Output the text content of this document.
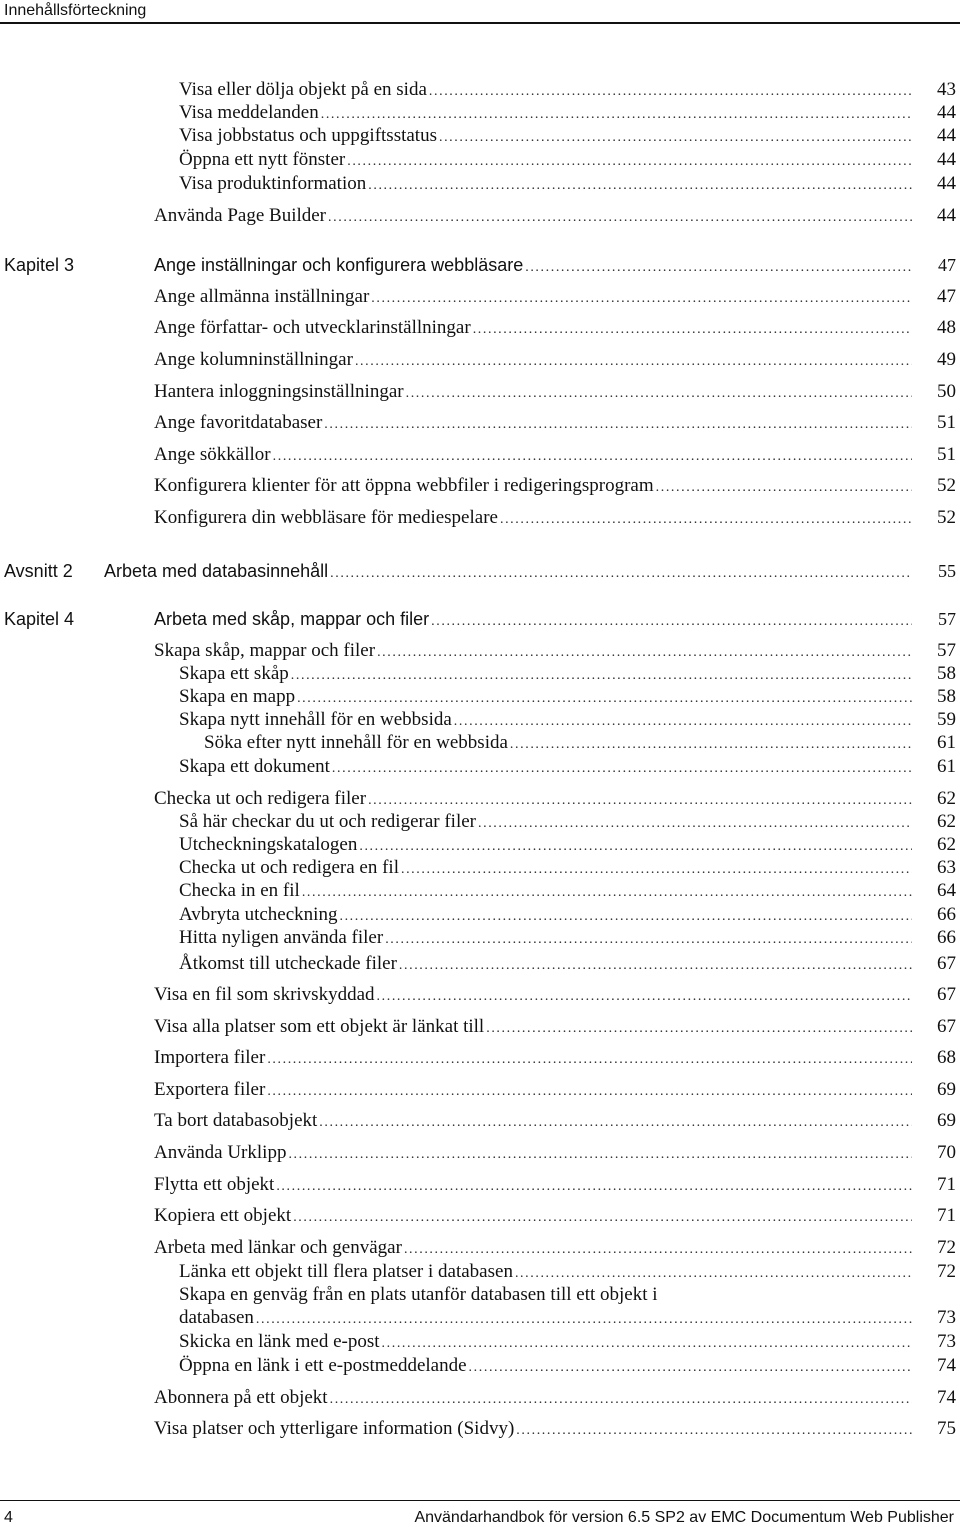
Innehållsförteckning
Visa eller dölja objekt på en sida .....	43
Visa meddelanden .....	44
Visa jobbstatus och uppgiftsstatus .....	44
Öppna ett nytt fönster .....	44
Visa produktinformation .....	44
Använda Page Builder .....	44
Kapitel 3	Ange inställningar och konfigurera webbläsare .....	47
Ange allmänna inställningar .....	47
Ange författar- och utvecklarinställningar .....	48
Ange kolumninställningar .....	49
Hantera inloggningsinställningar .....	50
Ange favoritdatabaser .....	51
Ange sökkällor .....	51
Konfigurera klienter för att öppna webbfiler i redigeringsprogram .....	52
Konfigurera din webbläsare för mediespelare .....	52
Avsnitt 2 Arbeta med databasinnehåll .....	55
Kapitel 4	Arbeta med skåp, mappar och filer .....	57
Skapa skåp, mappar och filer .....	57
Skapa ett skåp .....	58
Skapa en mapp .....	58
Skapa nytt innehåll för en webbsida .....	59
Söka efter nytt innehåll för en webbsida .....	61
Skapa ett dokument .....	61
Checka ut och redigera filer .....	62
Så här checkar du ut och redigerar filer .....	62
Utcheckningskatalogen .....	62
Checka ut och redigera en fil .....	63
Checka in en fil .....	64
Avbryta utcheckning .....	66
Hitta nyligen använda filer .....	66
Åtkomst till utcheckade filer .....	67
Visa en fil som skrivskyddad .....	67
Visa alla platser som ett objekt är länkat till .....	67
Importera filer .....	68
Exportera filer .....	69
Ta bort databasobjekt .....	69
Använda Urklipp .....	70
Flytta ett objekt .....	71
Kopiera ett objekt .....	71
Arbeta med länkar och genvägar .....	72
Länka ett objekt till flera platser i databasen .....	72
Skapa en genväg från en plats utanför databasen till ett objekt i
databasen .....	73
Skicka en länk med e-post .....	73
Öppna en länk i ett e-postmeddelande .....	74
Abonnera på ett objekt .....	74
Visa platser och ytterligare information (Sidvy) .....	75
4	Användarhandbok för version 6.5 SP2 av EMC Documentum Web Publisher
